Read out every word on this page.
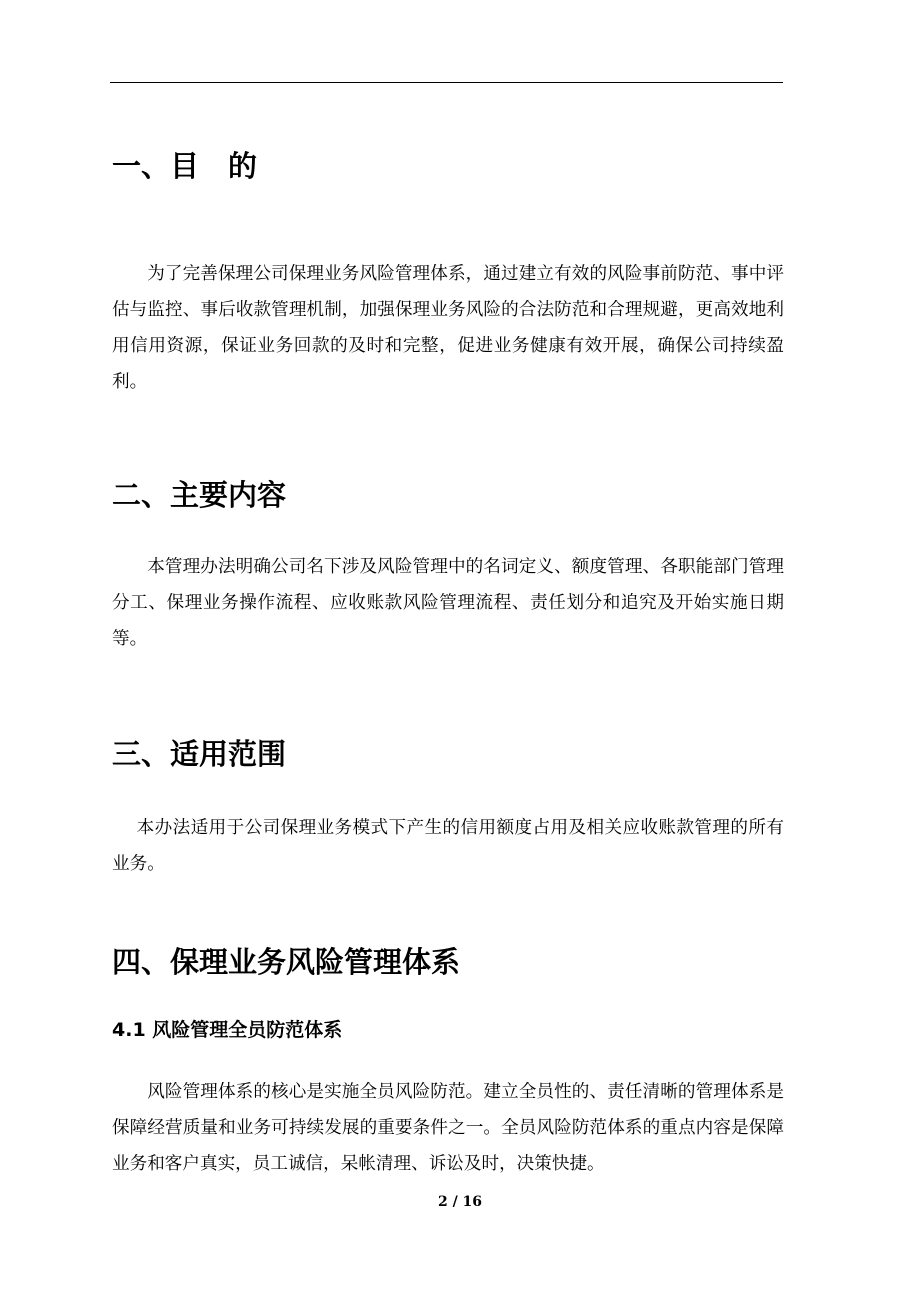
一、目　的

为了完善保理公司保理业务风险管理体系，通过建立有效的风险事前防范、事中评估与监控、事后收款管理机制，加强保理业务风险的合法防范和合理规避，更高效地利用信用资源，保证业务回款的及时和完整，促进业务健康有效开展，确保公司持续盈利。

二、主要内容

本管理办法明确公司名下涉及风险管理中的名词定义、额度管理、各职能部门管理分工、保理业务操作流程、应收账款风险管理流程、责任划分和追究及开始实施日期等。

三、适用范围

本办法适用于公司保理业务模式下产生的信用额度占用及相关应收账款管理的所有业务。

四、保理业务风险管理体系
4.1 风险管理全员防范体系

风险管理体系的核心是实施全员风险防范。建立全员性的、责任清晰的管理体系是保障经营质量和业务可持续发展的重要条件之一。全员风险防范体系的重点内容是保障业务和客户真实，员工诚信，呆帐清理、诉讼及时，决策快捷。

2 / 16
